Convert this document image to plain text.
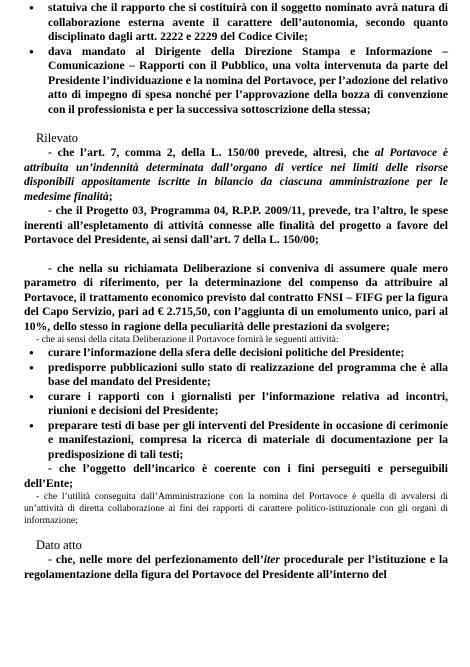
● statuiva che il rapporto che si costituirà con il soggetto nominato avrà natura di collaborazione esterna avente il carattere dell’autonomia, secondo quanto disciplinato dagli artt. 2222 e 2229 del Codice Civile;
● dava mandato al Dirigente della Direzione Stampa e Informazione – Comunicazione – Rapporti con il Pubblico, una volta intervenuta da parte del Presidente l’individuazione e la nomina del Portavoce, per l’adozione del relativo atto di impegno di spesa nonché per l’approvazione della bozza di convenzione con il professionista e per la successiva sottoscrizione della stessa;

Rilevato

- che l’art. 7, comma 2, della L. 150/00 prevede, altresì, che al Portavoce è attribuita un’indennità determinata dall’organo di vertice nei limiti delle risorse disponibili appositamente iscritte in bilancio da ciascuna amministrazione per le medesime finalità;

- che il Progetto 03, Programma 04, R.P.P. 2009/11, prevede, tra l’altro, le spese inerenti all’espletamento di attività connesse alle finalità del progetto a favore del Portavoce del Presidente, ai sensi dall’art. 7 della L. 150/00;

- che nella su richiamata Deliberazione si conveniva di assumere quale mero parametro di riferimento, per la determinazione del compenso da attribuire al Portavoce, il trattamento economico previsto dal contratto FNSI – FIFG per la figura del Capo Servizio, pari ad € 2.715,50, con l’aggiunta di un emolumento unico, pari al 10%, dello stesso in ragione della peculiarità delle prestazioni da svolgere;

- che ai sensi della citata Deliberazione il Portavoce fornirà le seguenti attività:

● curare l’informazione della sfera delle decisioni politiche del Presidente;
● predisporre pubblicazioni sullo stato di realizzazione del programma che è alla base del mandato del Presidente;
● curare i rapporti con i giornalisti per l’informazione relativa ad incontri, riunioni e decisioni del Presidente;
● preparare testi di base per gli interventi del Presidente in occasione di cerimonie e manifestazioni, compresa la ricerca di materiale di documentazione per la predisposizione di tali testi;

- che l’oggetto dell’incarico è coerente con i fini perseguiti e perseguibili dell’Ente;

- che l’utilità conseguita dall’Amministrazione con la nomina del Portavoce è quella di avvalersi di un’attività di diretta collaborazione ai fini dei rapporti di carattere politico-istituzionale con gli organi di informazione;

Dato atto

- che, nelle more del perfezionamento dell’iter procedurale per l’istituzione e la regolamentazione della figura del Portavoce del Presidente all’interno del
